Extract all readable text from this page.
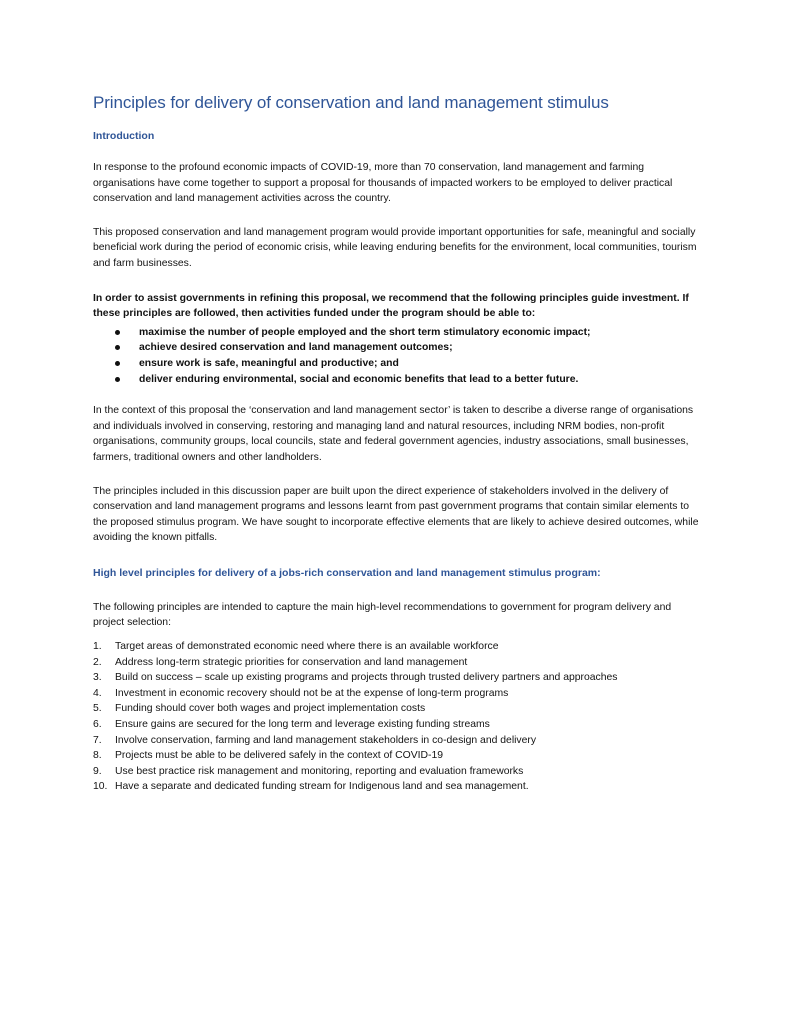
Principles for delivery of conservation and land management stimulus
Introduction

In response to the profound economic impacts of COVID-19, more than 70 conservation, land management and farming organisations have come together to support a proposal for thousands of impacted workers to be employed to deliver practical conservation and land management activities across the country.

This proposed conservation and land management program would provide important opportunities for safe, meaningful and socially beneficial work during the period of economic crisis, while leaving enduring benefits for the environment, local communities, tourism and farm businesses.

In order to assist governments in refining this proposal, we recommend that the following principles guide investment. If these principles are followed, then activities funded under the program should be able to:

maximise the number of people employed and the short term stimulatory economic impact;
achieve desired conservation and land management outcomes;
ensure work is safe, meaningful and productive; and
deliver enduring environmental, social and economic benefits that lead to a better future.

In the context of this proposal the ‘conservation and land management sector’ is taken to describe a diverse range of organisations and individuals involved in conserving, restoring and managing land and natural resources, including NRM bodies, non-profit organisations, community groups, local councils, state and federal government agencies, industry associations, small businesses, farmers, traditional owners and other landholders.

The principles included in this discussion paper are built upon the direct experience of stakeholders involved in the delivery of conservation and land management programs and lessons learnt from past government programs that contain similar elements to the proposed stimulus program. We have sought to incorporate effective elements that are likely to achieve desired outcomes, while avoiding the known pitfalls.

High level principles for delivery of a jobs-rich conservation and land management stimulus program:

The following principles are intended to capture the main high-level recommendations to government for program delivery and project selection:

1. Target areas of demonstrated economic need where there is an available workforce
2. Address long-term strategic priorities for conservation and land management
3. Build on success – scale up existing programs and projects through trusted delivery partners and approaches
4. Investment in economic recovery should not be at the expense of long-term programs
5. Funding should cover both wages and project implementation costs
6. Ensure gains are secured for the long term and leverage existing funding streams
7. Involve conservation, farming and land management stakeholders in co-design and delivery
8. Projects must be able to be delivered safely in the context of COVID-19
9. Use best practice risk management and monitoring, reporting and evaluation frameworks
10. Have a separate and dedicated funding stream for Indigenous land and sea management.
